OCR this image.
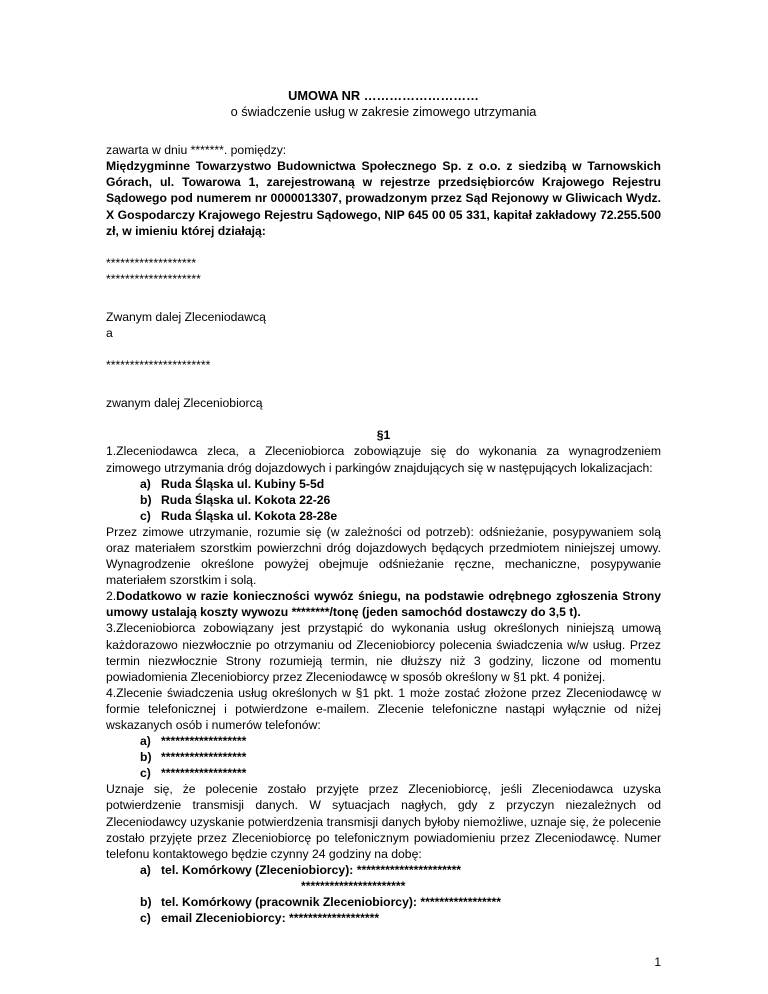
UMOWA NR ………………………

o świadczenie usług w zakresie zimowego utrzymania

zawarta w dniu *******. pomiędzy:

Międzygminne Towarzystwo Budownictwa Społecznego Sp. z o.o. z siedzibą w Tarnowskich Górach, ul. Towarowa 1, zarejestrowaną w rejestrze przedsiębiorców Krajowego Rejestru Sądowego pod numerem nr 0000013307, prowadzonym przez Sąd Rejonowy w Gliwicach Wydz. X Gospodarczy Krajowego Rejestru Sądowego, NIP 645 00 05 331, kapitał zakładowy 72.255.500 zł, w imieniu której działają:

*******************

********************

Zwanym dalej Zleceniodawcą

a

**********************

zwanym dalej Zleceniobiorcą

§1

1.Zleceniodawca zleca, a Zleceniobiorca zobowiązuje się do wykonania za wynagrodzeniem zimowego utrzymania dróg dojazdowych i parkingów znajdujących się w następujących lokalizacjach:

a) Ruda Śląska ul. Kubiny 5-5d
b) Ruda Śląska ul. Kokota 22-26
c) Ruda Śląska ul. Kokota 28-28e

Przez zimowe utrzymanie, rozumie się (w zależności od potrzeb): odśnieżanie, posypywaniem solą oraz materiałem szorstkim powierzchni dróg dojazdowych będących przedmiotem niniejszej umowy. Wynagrodzenie określone powyżej obejmuje odśnieżanie ręczne, mechaniczne, posypywanie materiałem szorstkim i solą.

2.Dodatkowo w razie konieczności wywóz śniegu, na podstawie odrębnego zgłoszenia Strony umowy ustalają koszty wywozu ********/tonę (jeden samochód dostawczy do 3,5 t).

3.Zleceniobiorca zobowiązany jest przystąpić do wykonania usług określonych niniejszą umową każdorazowo niezwłocznie po otrzymaniu od Zleceniobiorcy polecenia świadczenia w/w usług. Przez termin niezwłocznie Strony rozumieją termin, nie dłuższy niż 3 godziny, liczone od momentu powiadomienia Zleceniobiorcy przez Zleceniodawcę w sposób określony w §1 pkt. 4 poniżej.

4.Zlecenie świadczenia usług określonych w §1 pkt. 1 może zostać złożone przez Zleceniodawcę w formie telefonicznej i potwierdzone e-mailem. Zlecenie telefoniczne nastąpi wyłącznie od niżej wskazanych osób i numerów telefonów:

a) ******************
b) ******************
c) ******************

Uznaje się, że polecenie zostało przyjęte przez Zleceniobiorcę, jeśli Zleceniodawca uzyska potwierdzenie transmisji danych. W sytuacjach nagłych, gdy z przyczyn niezależnych od Zleceniodawcy uzyskanie potwierdzenia transmisji danych byłoby niemożliwe, uznaje się, że polecenie zostało przyjęte przez Zleceniobiorcę po telefonicznym powiadomieniu przez Zleceniodawcę. Numer telefonu kontaktowego będzie czynny 24 godziny na dobę:

a) tel. Komórkowy (Zleceniobiorcy): **********************
**********************
b) tel. Komórkowy (pracownik Zleceniobiorcy): *****************
c) email Zleceniobiorcy: *******************
1
